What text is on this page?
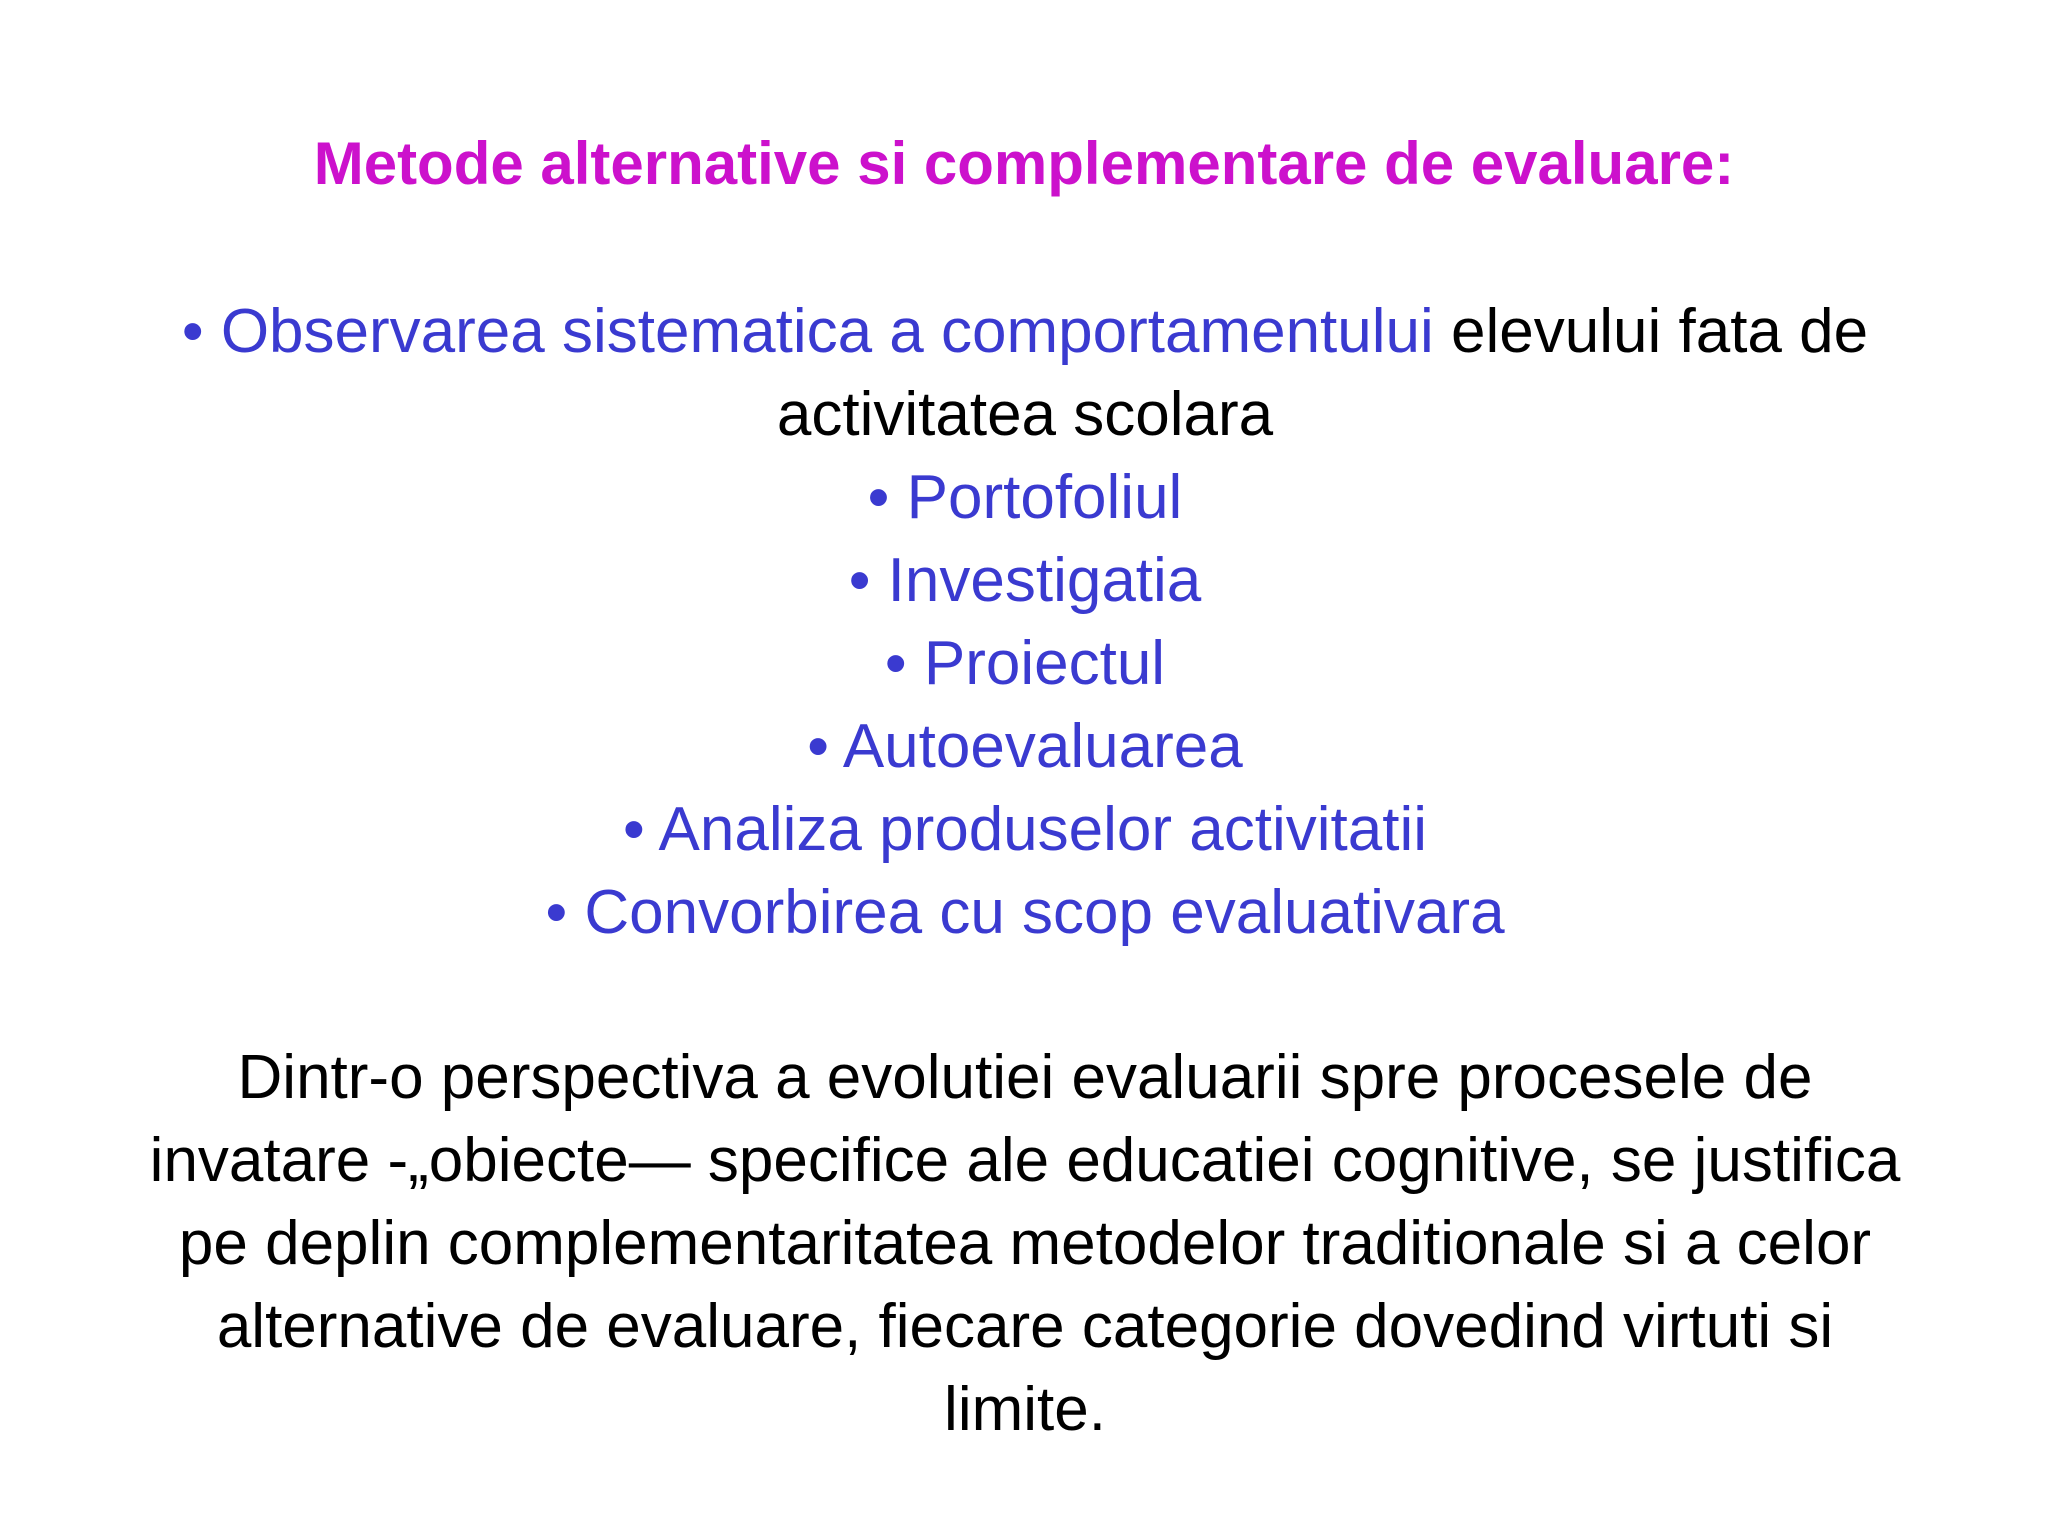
Metode alternative si complementare de evaluare:
• Observarea sistematica a comportamentului elevului fata de activitatea scolara
• Portofoliul
• Investigatia
• Proiectul
• Autoevaluarea
• Analiza produselor activitatii
• Convorbirea cu scop evaluativara

Dintr-o perspectiva a evolutiei evaluarii spre procesele de invatare -„obiecte— specifice ale educatiei cognitive, se justifica pe deplin complementaritatea metodelor traditionale si a celor alternative de evaluare, fiecare categorie dovedind virtuti si limite.
